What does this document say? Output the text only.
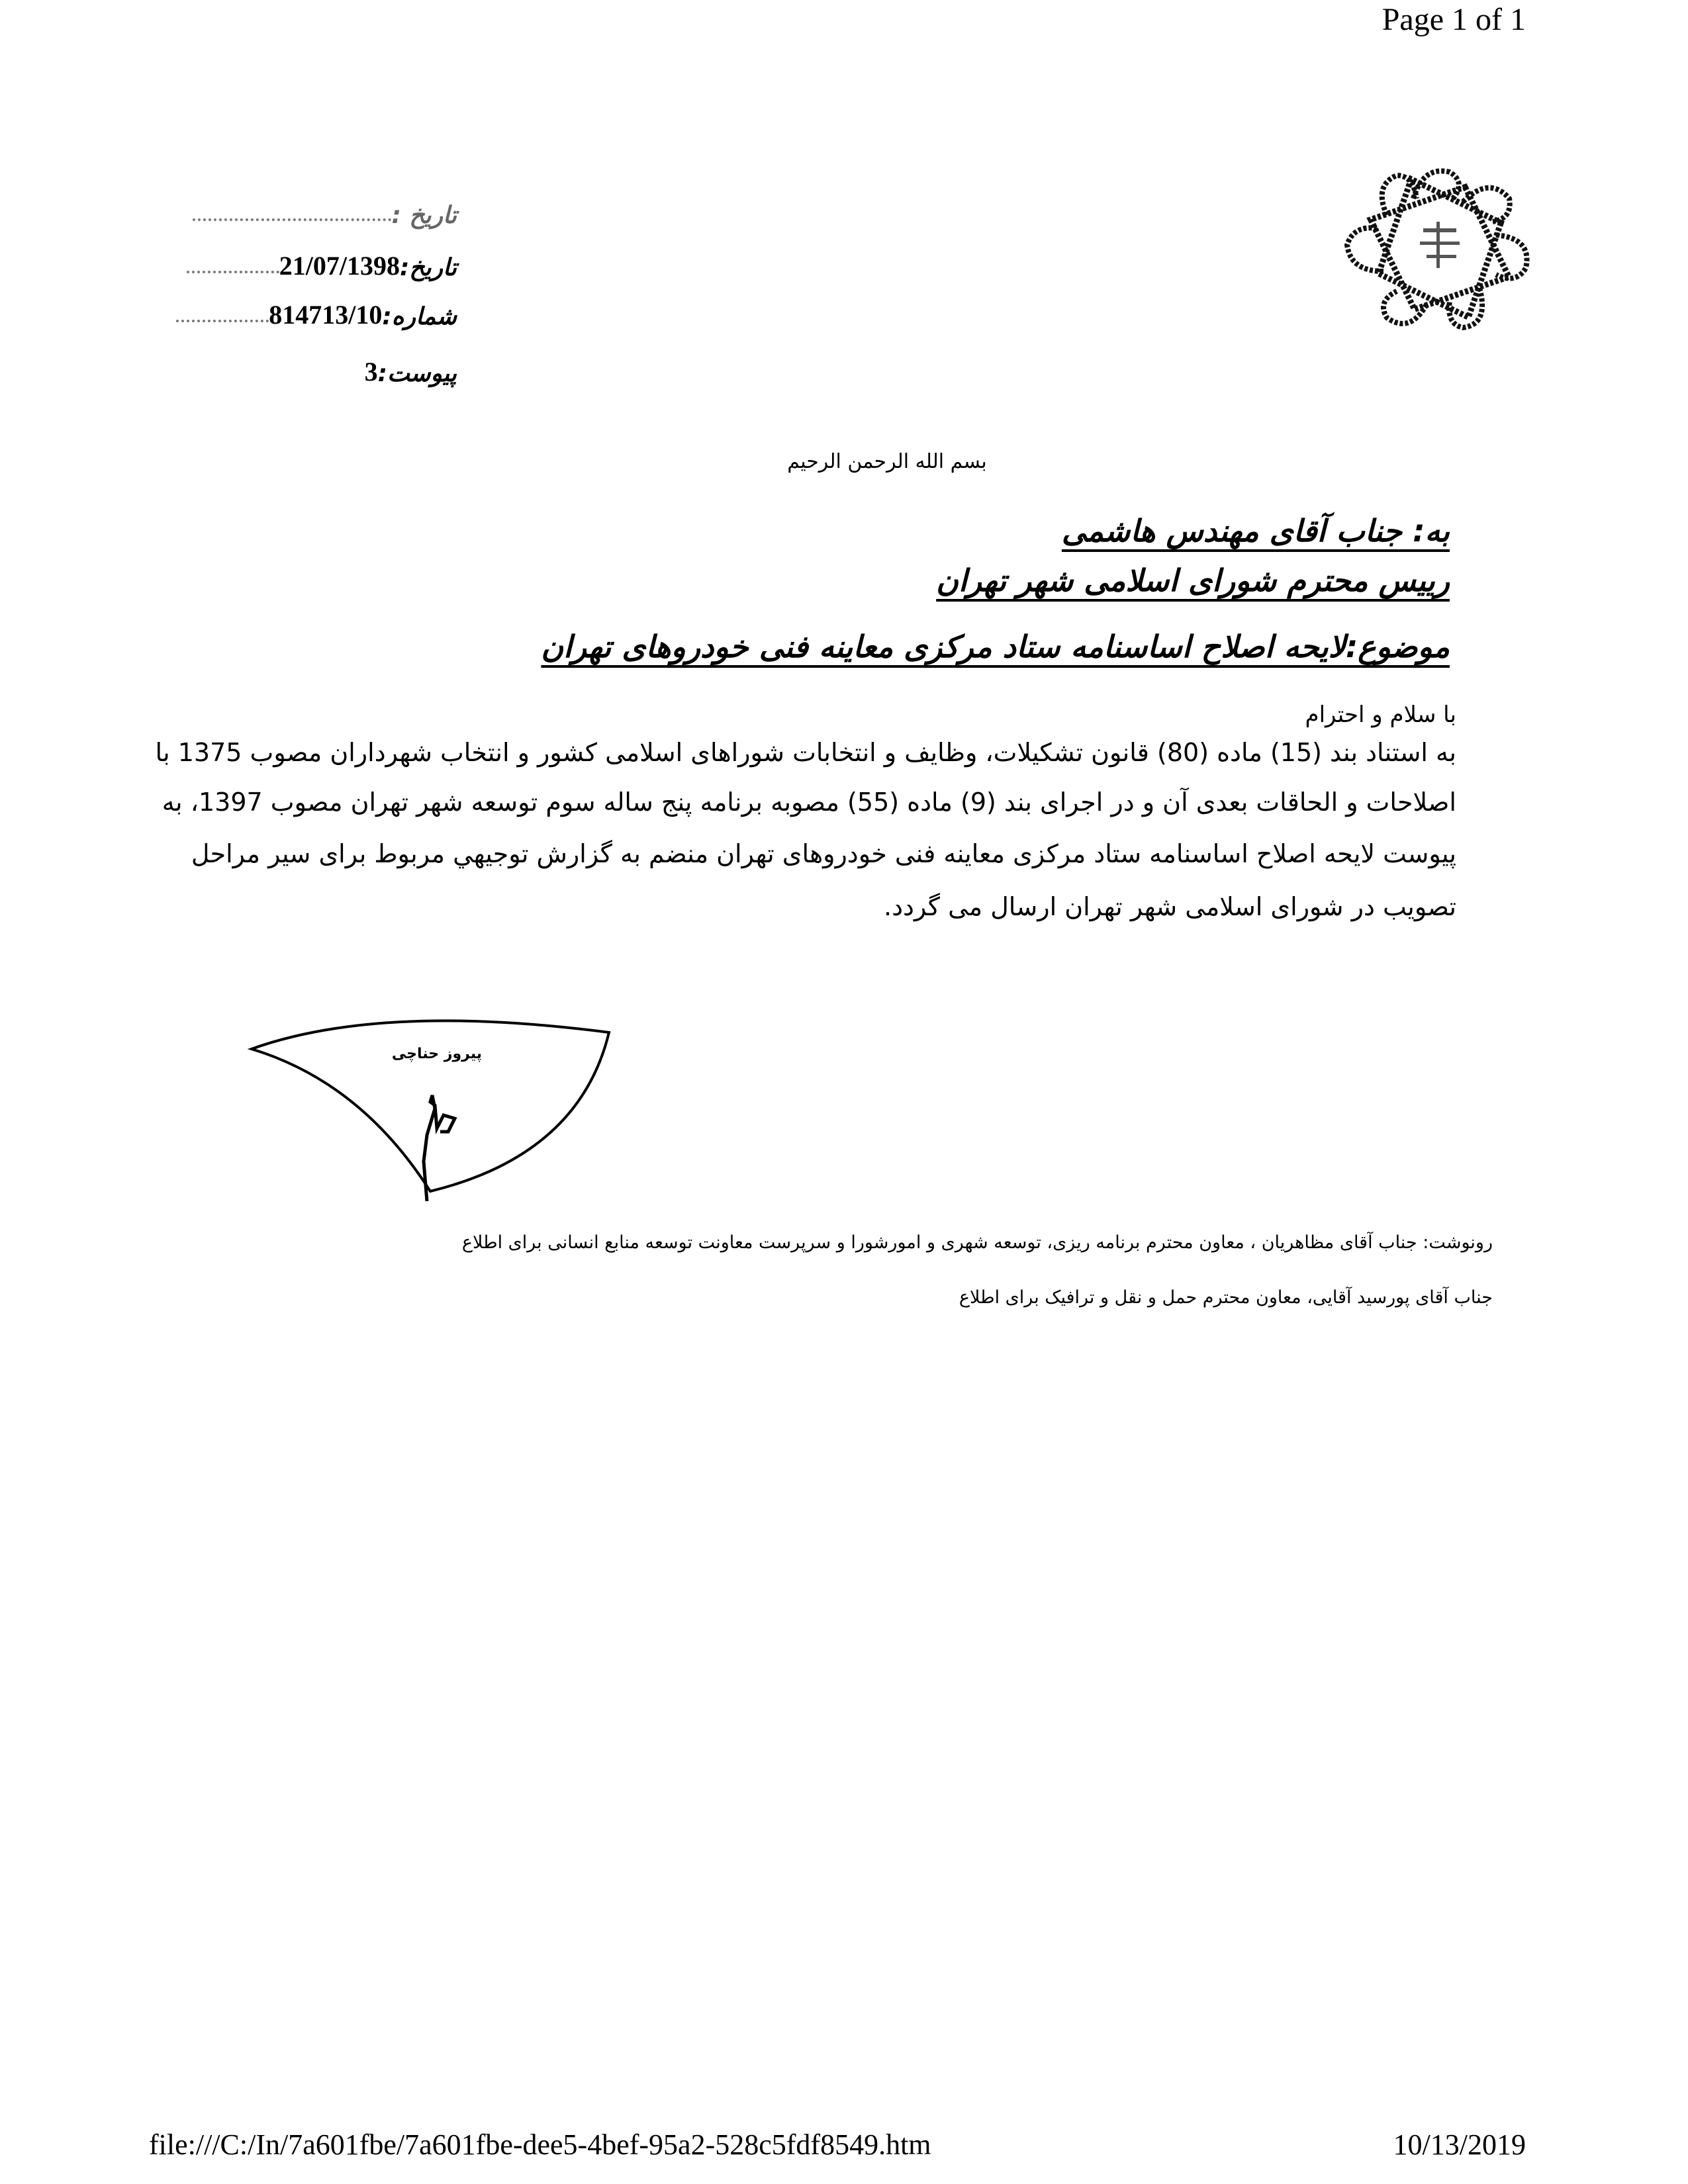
Page 1 of 1
تاریخ :
تاریخ:
21/07/1398
شماره:
814713/10
پیوست:
3
بسم الله الرحمن الرحیم
به: جناب آقای مهندس هاشمی
رییس محترم شورای اسلامی شهر تهران
موضوع:لایحه اصلاح اساسنامه ستاد مرکزی معاینه فنی خودروهای تهران
با سلام و احترام
به استناد بند (15) ماده (80) قانون تشکیلات، وظایف و انتخابات شوراهای اسلامی کشور و انتخاب شهرداران مصوب 1375 با
اصلاحات و الحاقات بعدی آن و در اجرای بند (9) ماده (55) مصوبه برنامه پنج ساله سوم توسعه شهر تهران مصوب 1397، به
پیوست لایحه اصلاح اساسنامه ستاد مرکزی معاینه فنی خودروهای تهران منضم به گزارش توجیهي مربوط برای سیر مراحل
تصویب در شورای اسلامی شهر تهران ارسال می گردد.
پیروز حناچی
رونوشت: جناب آقای مظاهریان ، معاون محترم برنامه ریزی، توسعه شهری و امورشورا و سرپرست معاونت توسعه منابع انسانی برای اطلاع
جناب آقای پورسید آقایی، معاون محترم حمل و نقل و ترافیک برای اطلاع
file:///C:/In/7a601fbe/7a601fbe-dee5-4bef-95a2-528c5fdf8549.htm	10/13/2019
